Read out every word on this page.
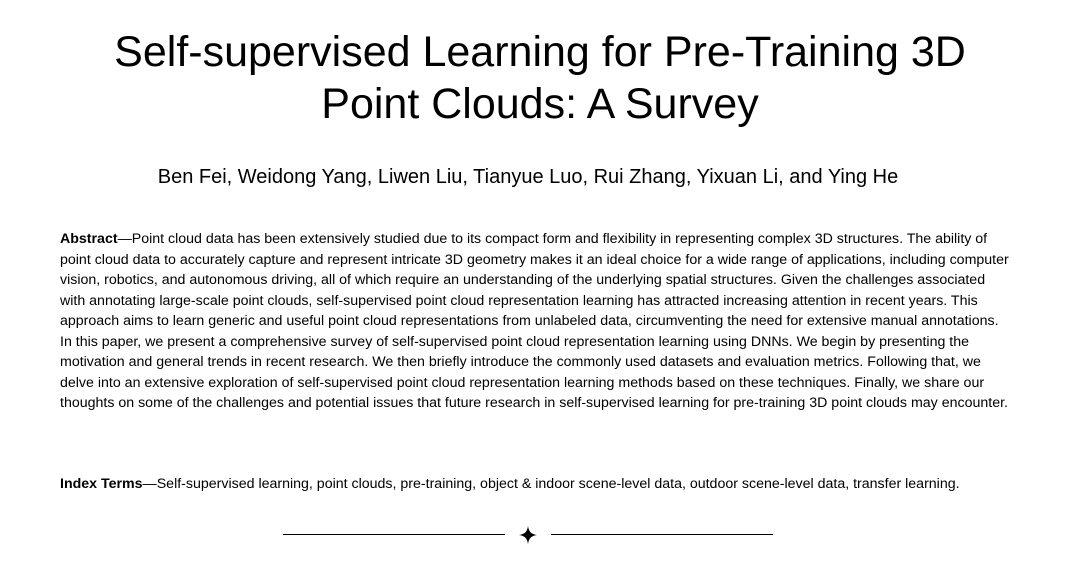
Self-supervised Learning for Pre-Training 3D
Point Clouds: A Survey
Ben Fei, Weidong Yang, Liwen Liu, Tianyue Luo, Rui Zhang, Yixuan Li, and Ying He

Abstract—Point cloud data has been extensively studied due to its compact form and flexibility in representing complex 3D structures. The ability of point cloud data to accurately capture and represent intricate 3D geometry makes it an ideal choice for a wide range of applications, including computer vision, robotics, and autonomous driving, all of which require an understanding of the underlying spatial structures. Given the challenges associated with annotating large-scale point clouds, self-supervised point cloud representation learning has attracted increasing attention in recent years. This approach aims to learn generic and useful point cloud representations from unlabeled data, circumventing the need for extensive manual annotations. In this paper, we present a comprehensive survey of self-supervised point cloud representation learning using DNNs. We begin by presenting the motivation and general trends in recent research. We then briefly introduce the commonly used datasets and evaluation metrics. Following that, we delve into an extensive exploration of self-supervised point cloud representation learning methods based on these techniques. Finally, we share our thoughts on some of the challenges and potential issues that future research in self-supervised learning for pre-training 3D point clouds may encounter.

Index Terms—Self-supervised learning, point clouds, pre-training, object & indoor scene-level data, outdoor scene-level data, transfer learning.
